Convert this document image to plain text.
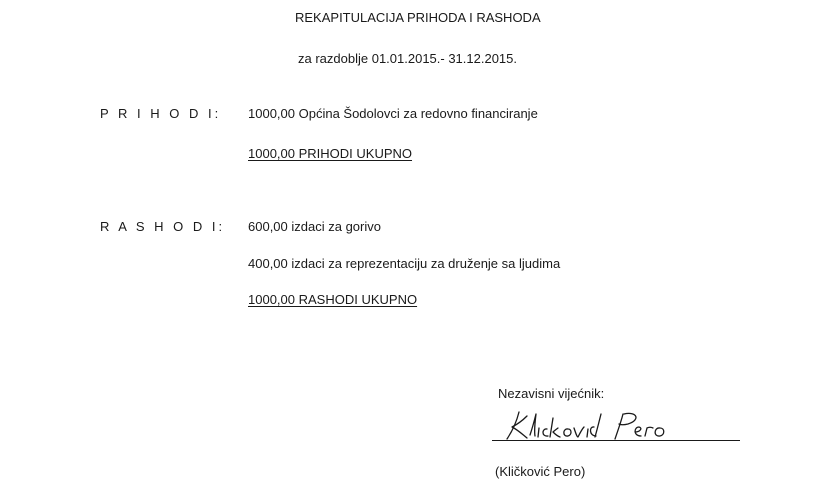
REKAPITULACIJA PRIHODA I RASHODA
za razdoblje 01.01.2015.- 31.12.2015.
P R I H O D I: 1000,00 Općina Šodolovci za redovno financiranje
1000,00 PRIHODI UKUPNO
R A S H O D I: 600,00 izdaci za gorivo
400,00 izdaci za reprezentaciju za druženje sa ljudima
1000,00 RASHODI UKUPNO
Nezavisni vijećnik:
(Kličković Pero)
